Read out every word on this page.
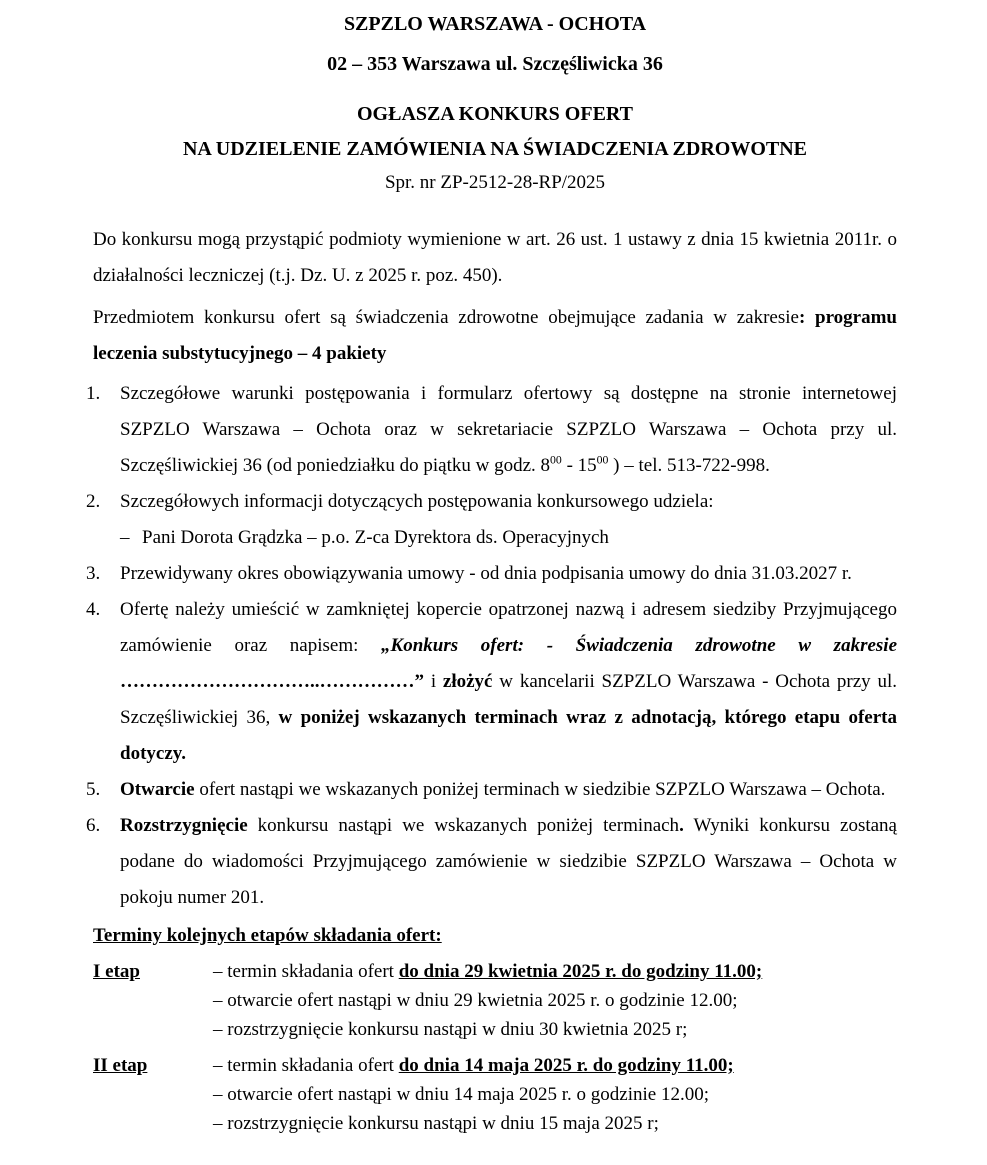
SZPZLO WARSZAWA - OCHOTA
02 – 353 Warszawa ul. Szczęśliwicka 36
OGŁASZA KONKURS OFERT
NA UDZIELENIE ZAMÓWIENIA NA ŚWIADCZENIA ZDROWOTNE
Spr. nr ZP-2512-28-RP/2025

Do konkursu mogą przystąpić podmioty wymienione w art. 26 ust. 1 ustawy z dnia 15 kwietnia 2011r. o działalności leczniczej (t.j. Dz. U. z 2025 r. poz. 450).

Przedmiotem konkursu ofert są świadczenia zdrowotne obejmujące zadania w zakresie: programu leczenia substytucyjnego – 4 pakiety

1.	Szczegółowe warunki postępowania i formularz ofertowy są dostępne na stronie internetowej SZPZLO Warszawa – Ochota oraz w sekretariacie SZPZLO Warszawa – Ochota przy ul. Szczęśliwickiej 36 (od poniedziałku do piątku w godz. $8^{00} - 15^{00}$ ) – tel. 513-722-998.
2.	Szczegółowych informacji dotyczących postępowania konkursowego udziela:
– Pani Dorota Grądzka – p.o. Z-ca Dyrektora ds. Operacyjnych
3.	Przewidywany okres obowiązywania umowy - od dnia podpisania umowy do dnia 31.03.2027 r.
4.	Ofertę należy umieścić w zamkniętej kopercie opatrzonej nazwą i adresem siedziby Przyjmującego zamówienie oraz napisem: „Konkurs ofert: - Świadczenia zdrowotne w zakresie …………………………..……………” i złożyć w kancelarii SZPZLO Warszawa - Ochota przy ul. Szczęśliwickiej 36, w poniżej wskazanych terminach wraz z adnotacją, którego etapu oferta dotyczy.
5.	Otwarcie ofert nastąpi we wskazanych poniżej terminach w siedzibie SZPZLO Warszawa – Ochota.
6.	Rozstrzygnięcie konkursu nastąpi we wskazanych poniżej terminach. Wyniki konkursu zostaną podane do wiadomości Przyjmującego zamówienie w siedzibie SZPZLO Warszawa – Ochota w pokoju numer 201.
Terminy kolejnych etapów składania ofert:
I etap	– termin składania ofert do dnia 29 kwietnia 2025 r. do godziny 11.00;
– otwarcie ofert nastąpi w dniu 29 kwietnia 2025 r. o godzinie 12.00;
– rozstrzygnięcie konkursu nastąpi w dniu 30 kwietnia 2025 r;
II etap	– termin składania ofert do dnia 14 maja 2025 r. do godziny 11.00;
– otwarcie ofert nastąpi w dniu 14 maja 2025 r. o godzinie 12.00;
– rozstrzygnięcie konkursu nastąpi w dniu 15 maja 2025 r;
